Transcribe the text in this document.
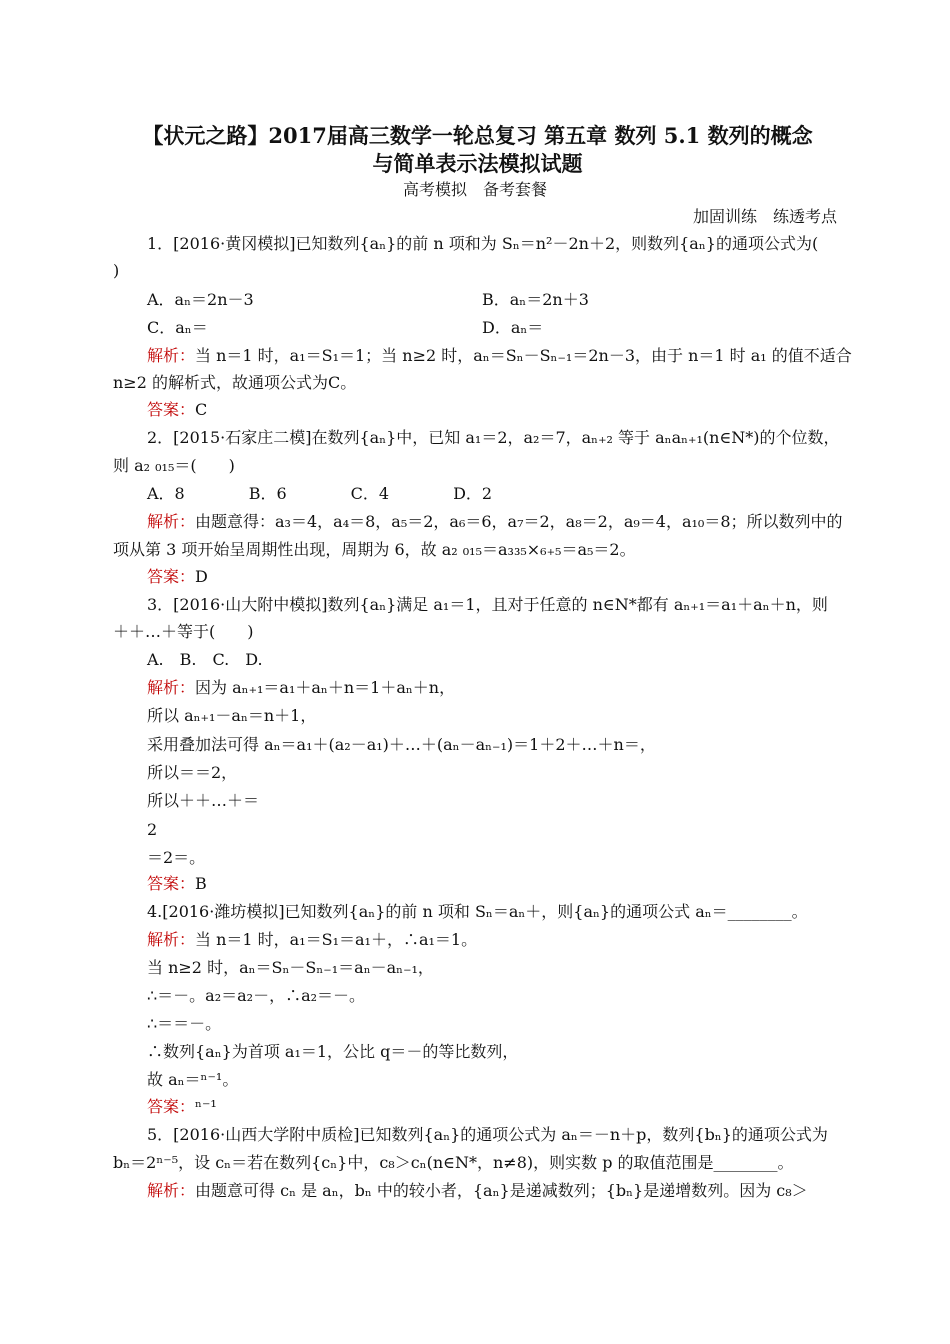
【状元之路】2017届高三数学一轮总复习 第五章 数列 5.1 数列的概念
与简单表示法模拟试题
高考模拟　备考套餐
加固训练　练透考点
1．[2016·黄冈模拟]已知数列{aₙ}的前 n 项和为 Sₙ＝n²－2n＋2，则数列{aₙ}的通项公式为(
)
A．aₙ＝2n－3	B．aₙ＝2n＋3
C．aₙ＝	D．aₙ＝
解析：当 n＝1 时，a₁＝S₁＝1；当 n≥2 时，aₙ＝Sₙ－Sₙ₋₁＝2n－3，由于 n＝1 时 a₁ 的值不适合
n≥2 的解析式，故通项公式为C。
答案：C
2．[2015·石家庄二模]在数列{aₙ}中，已知 a₁＝2，a₂＝7，aₙ₊₂ 等于 aₙaₙ₊₁(n∈N*)的个位数，
则 a₂ ₀₁₅＝(　　)
A．8　　　　B．6　　　　C．4　　　　D．2
解析：由题意得：a₃＝4，a₄＝8，a₅＝2，a₆＝6，a₇＝2，a₈＝2，a₉＝4，a₁₀＝8；所以数列中的
项从第 3 项开始呈周期性出现，周期为 6，故 a₂ ₀₁₅＝a₃₃₅×₆₊₅＝a₅＝2。
答案：D
3．[2016·山大附中模拟]数列{aₙ}满足 a₁＝1，且对于任意的 n∈N*都有 aₙ₊₁＝a₁＋aₙ＋n，则
＋＋…＋等于(　　)
A.　B.　C.　D.
解析：因为 aₙ₊₁＝a₁＋aₙ＋n＝1＋aₙ＋n，
所以 aₙ₊₁－aₙ＝n＋1，
采用叠加法可得 aₙ＝a₁＋(a₂－a₁)＋…＋(aₙ－aₙ₋₁)＝1＋2＋…＋n＝，
所以＝＝2，
所以＋＋…＋＝
2
＝2＝。
答案：B
4.[2016·潍坊模拟]已知数列{aₙ}的前 n 项和 Sₙ＝aₙ＋，则{aₙ}的通项公式 aₙ＝________。
解析：当 n＝1 时，a₁＝S₁＝a₁＋，∴a₁＝1。
当 n≥2 时，aₙ＝Sₙ－Sₙ₋₁＝aₙ－aₙ₋₁，
∴＝－。a₂＝a₂－，∴a₂＝－。
∴＝＝－。
∴数列{aₙ}为首项 a₁＝1，公比 q＝－的等比数列，
故 aₙ＝ⁿ⁻¹。
答案：ⁿ⁻¹
5．[2016·山西大学附中质检]已知数列{aₙ}的通项公式为 aₙ＝－n＋p，数列{bₙ}的通项公式为
bₙ＝2ⁿ⁻⁵，设 cₙ＝若在数列{cₙ}中，c₈＞cₙ(n∈N*，n≠8)，则实数 p 的取值范围是________。
解析：由题意可得 cₙ 是 aₙ，bₙ 中的较小者，{aₙ}是递减数列；{bₙ}是递增数列。因为 c₈＞
